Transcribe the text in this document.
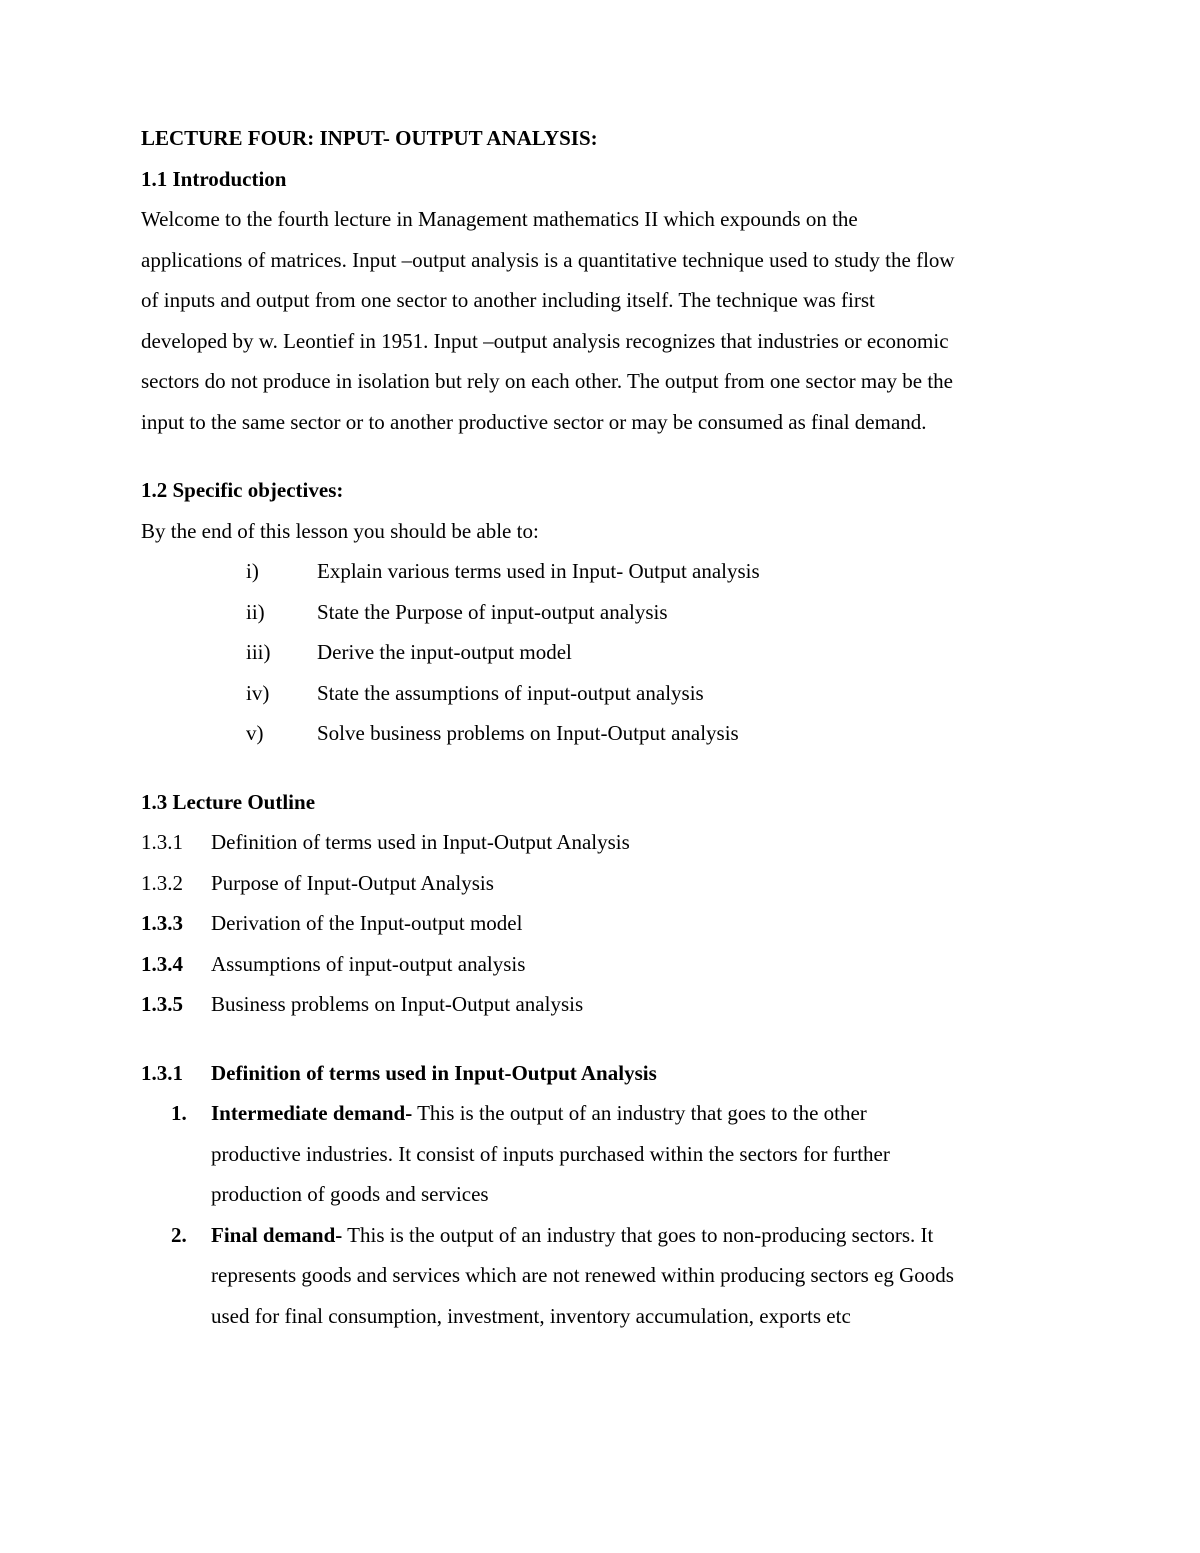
LECTURE FOUR: INPUT- OUTPUT ANALYSIS:
1.1 Introduction
Welcome to the fourth lecture in Management mathematics II which expounds on the
applications of matrices. Input –output analysis is a quantitative technique used to study the flow
of inputs and output from one sector to another including itself. The technique was first
developed by w. Leontief in 1951. Input –output analysis recognizes that industries or economic
sectors do not produce in isolation but rely on each other. The output from one sector may be the
input to the same sector or to another productive sector or may be consumed as final demand.
1.2 Specific objectives:
By the end of this lesson you should be able to:
i)	Explain various terms used in Input- Output analysis
ii) State the Purpose of input-output analysis
iii) Derive the input-output model
iv) State the assumptions of input-output analysis
v)	Solve business problems on Input-Output analysis
1.3 Lecture Outline
1.3.1 Definition of terms used in Input-Output Analysis
1.3.2 Purpose of Input-Output Analysis
1.3.3 Derivation of the Input-output model
1.3.4 Assumptions of input-output analysis
1.3.5 Business problems on Input-Output analysis
1.3.1 Definition of terms used in Input-Output Analysis
1. Intermediate demand- This is the output of an industry that goes to the other
productive industries. It consist of inputs purchased within the sectors for further
production of goods and services
2. Final demand- This is the output of an industry that goes to non-producing sectors. It
represents goods and services which are not renewed within producing sectors eg Goods
used for final consumption, investment, inventory accumulation, exports etc
